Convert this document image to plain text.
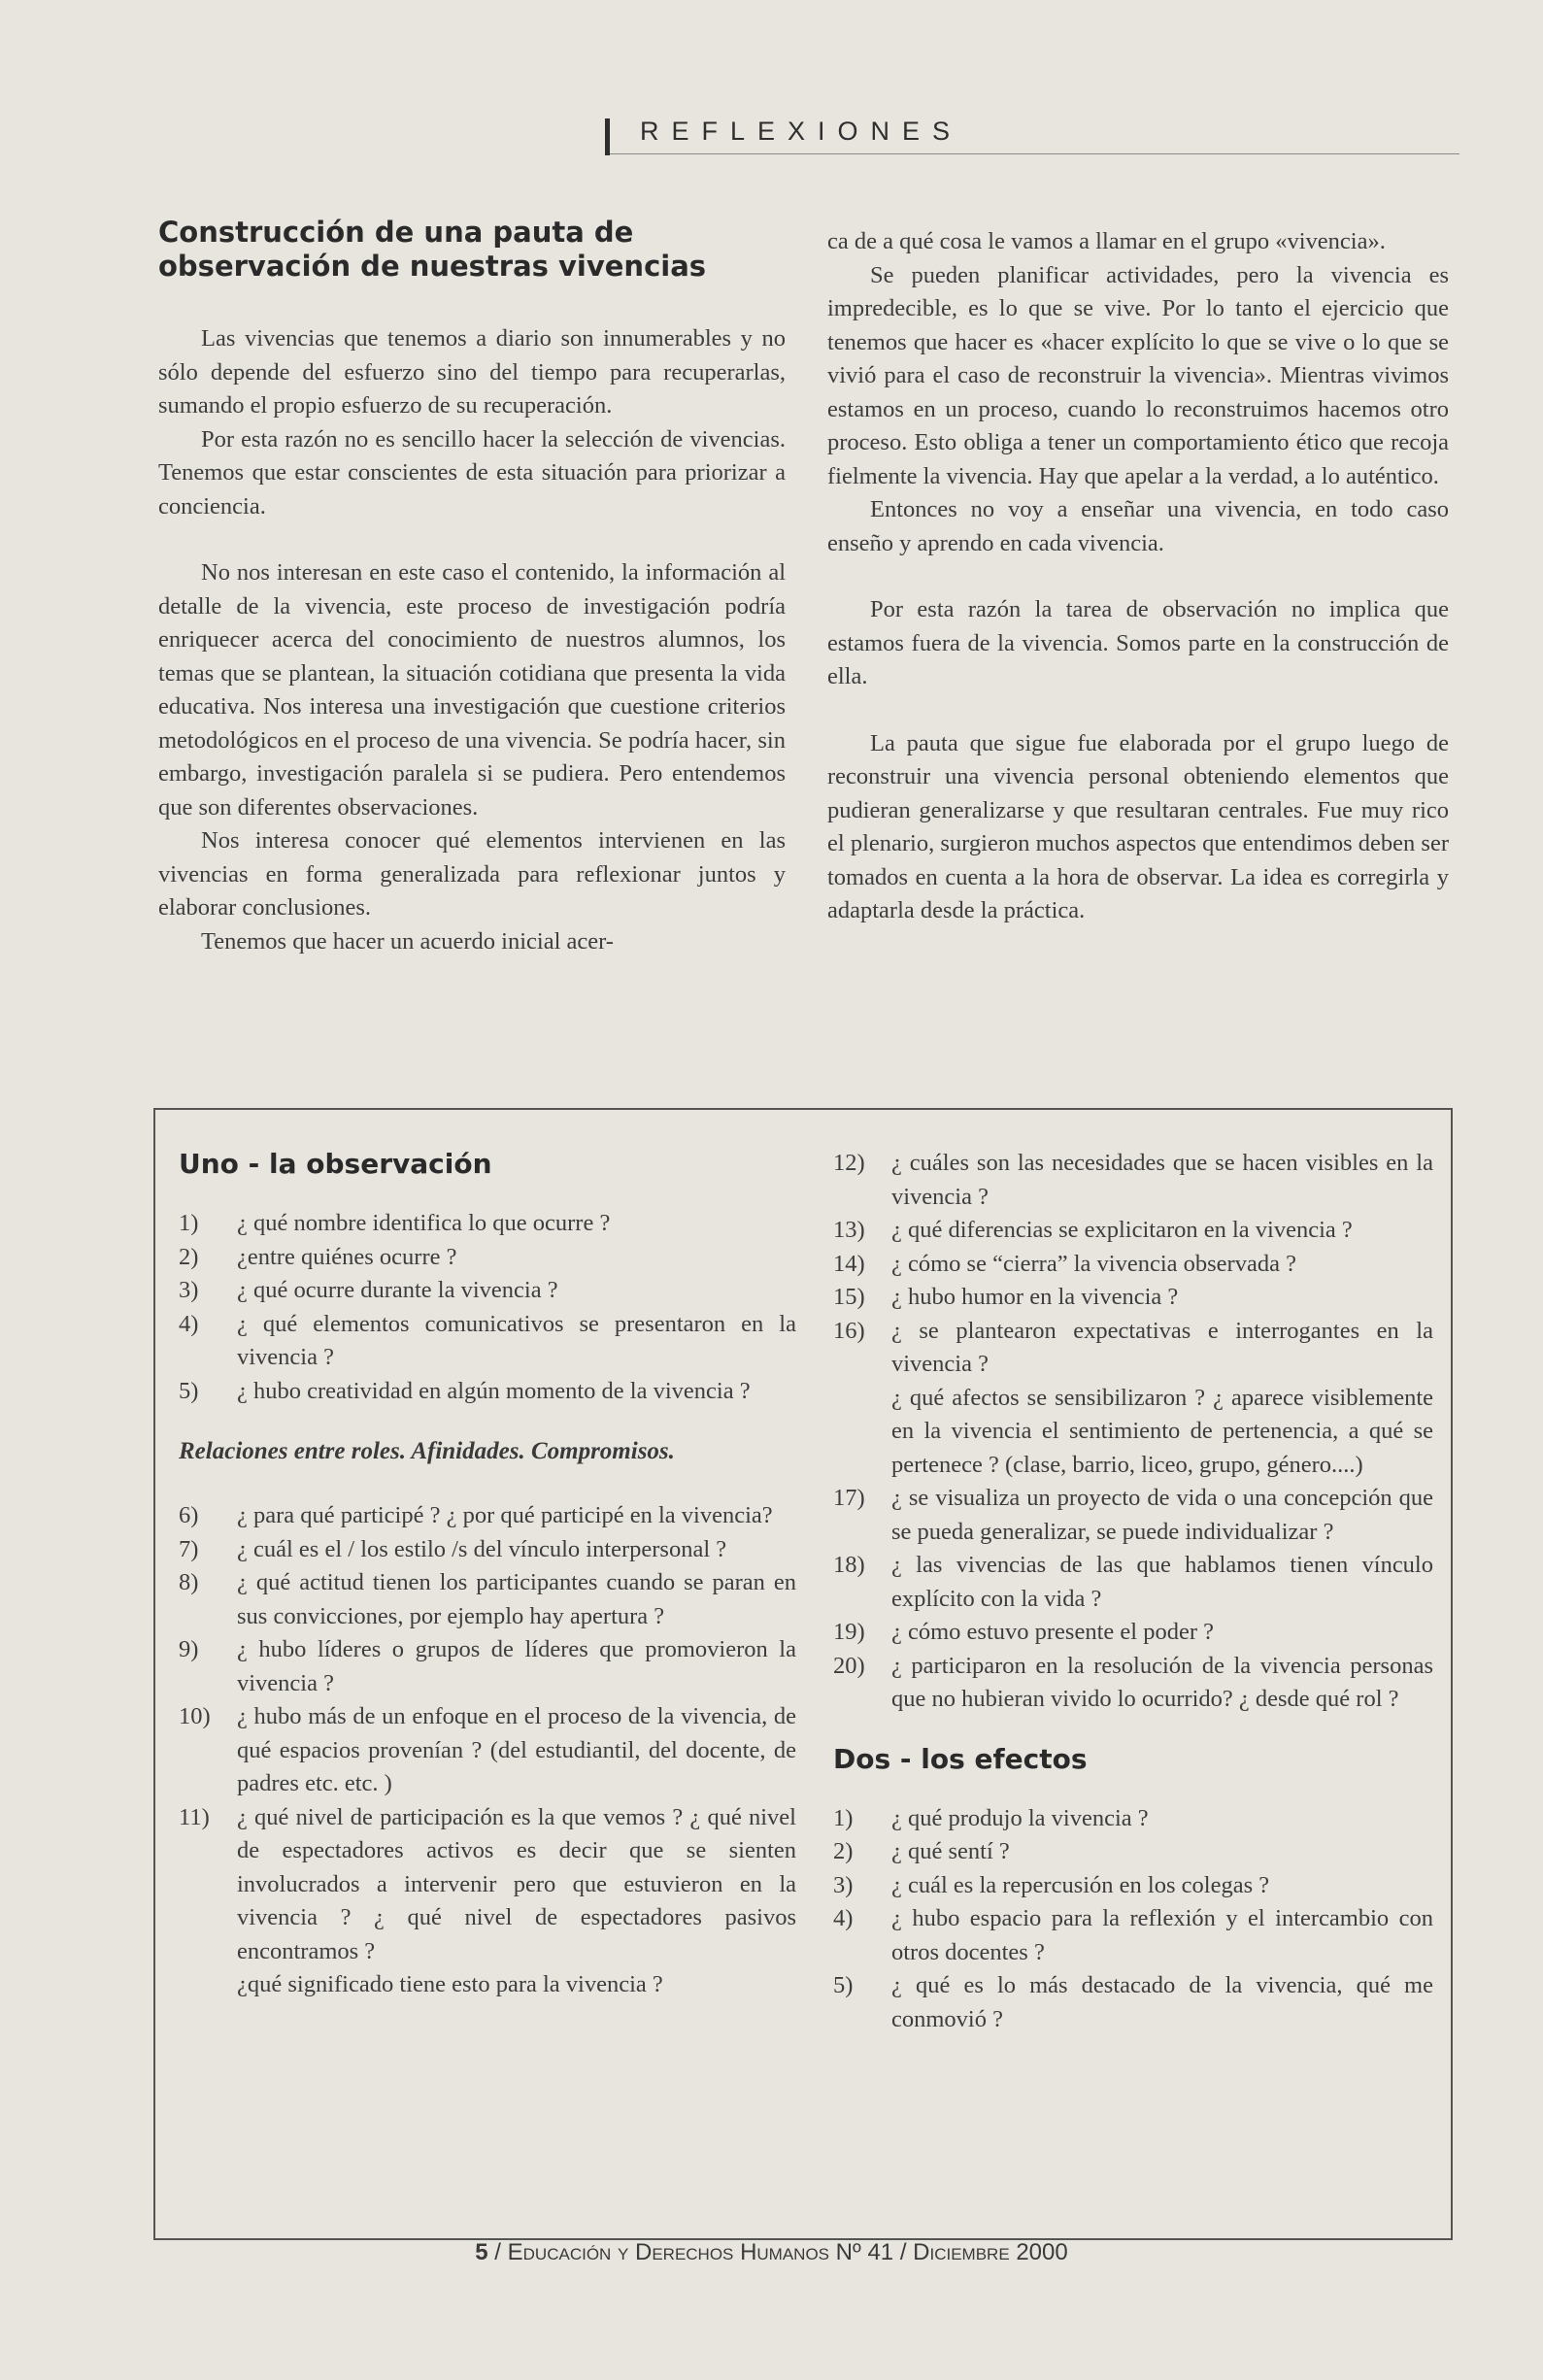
REFLEXIONES
Construcción de una pauta de observación de nuestras vivencias

Las vivencias que tenemos a diario son innumerables y no sólo depende del esfuerzo sino del tiempo para recuperarlas, sumando el propio esfuerzo de su recuperación.

Por esta razón no es sencillo hacer la selección de vivencias. Tenemos que estar conscientes de esta situación para priorizar a conciencia.

No nos interesan en este caso el contenido, la información al detalle de la vivencia, este proceso de investigación podría enriquecer acerca del conocimiento de nuestros alumnos, los temas que se plantean, la situación cotidiana que presenta la vida educativa. Nos interesa una investigación que cuestione criterios metodológicos en el proceso de una vivencia. Se podría hacer, sin embargo, investigación paralela si se pudiera. Pero entendemos que son diferentes observaciones.

Nos interesa conocer qué elementos intervienen en las vivencias en forma generalizada para reflexionar juntos y elaborar conclusiones.

Tenemos que hacer un acuerdo inicial acer-

ca de a qué cosa le vamos a llamar en el grupo «vivencia».

Se pueden planificar actividades, pero la vivencia es impredecible, es lo que se vive. Por lo tanto el ejercicio que tenemos que hacer es «hacer explícito lo que se vive o lo que se vivió para el caso de reconstruir la vivencia». Mientras vivimos estamos en un proceso, cuando lo reconstruimos hacemos otro proceso. Esto obliga a tener un comportamiento ético que recoja fielmente la vivencia. Hay que apelar a la verdad, a lo auténtico.

Entonces no voy a enseñar una vivencia, en todo caso enseño y aprendo en cada vivencia.

Por esta razón la tarea de observación no implica que estamos fuera de la vivencia. Somos parte en la construcción de ella.

La pauta que sigue fue elaborada por el grupo luego de reconstruir una vivencia personal obteniendo elementos que pudieran generalizarse y que resultaran centrales. Fue muy rico el plenario, surgieron muchos aspectos que entendimos deben ser tomados en cuenta a la hora de observar. La idea es corregirla y adaptarla desde la práctica.

Uno - la observación
1)	¿ qué nombre identifica lo que ocurre ?
2)	¿entre quiénes ocurre ?
3)	¿ qué ocurre durante la vivencia ?
4)	¿ qué elementos comunicativos se presentaron en la vivencia ?
5)	¿ hubo creatividad en algún momento de la vivencia ?
Relaciones entre roles. Afinidades. Compromisos.
6)	¿ para qué participé ? ¿ por qué participé en la vivencia?
7)	¿ cuál es el / los estilo /s del vínculo interpersonal ?
8)	¿ qué actitud tienen los participantes cuando se paran en sus convicciones, por ejemplo hay apertura ?
9)	¿ hubo líderes o grupos de líderes que promovieron la vivencia ?
10)	¿ hubo más de un enfoque en el proceso de la vivencia, de qué espacios provenían ? (del estudiantil, del docente, de padres etc. etc. )
11)	¿ qué nivel de participación es la que vemos ? ¿ qué nivel de espectadores activos es decir que se sienten involucrados a intervenir pero que estuvieron en la vivencia ? ¿ qué nivel de espectadores pasivos encontramos ?
¿qué significado tiene esto para la vivencia ?
12)	¿ cuáles son las necesidades que se hacen visibles en la vivencia ?
13)	¿ qué diferencias se explicitaron en la vivencia ?
14)	¿ cómo se “cierra” la vivencia observada ?
15)	¿ hubo humor en la vivencia ?
16)	¿ se plantearon expectativas e interrogantes en la vivencia ?
¿ qué afectos se sensibilizaron ? ¿ aparece visiblemente en la vivencia el sentimiento de pertenencia, a qué se pertenece ? (clase, barrio, liceo, grupo, género....)
17)	¿ se visualiza un proyecto de vida o una concepción que se pueda generalizar, se puede individualizar ?
18)	¿ las vivencias de las que hablamos tienen vínculo explícito con la vida ?
19)	¿ cómo estuvo presente el poder ?
20)	¿ participaron en la resolución de la vivencia personas que no hubieran vivido lo ocurrido? ¿ desde qué rol ?
Dos - los efectos
1)	¿ qué produjo la vivencia ?
2)	¿ qué sentí ?
3)	¿ cuál es la repercusión en los colegas ?
4)	¿ hubo espacio para la reflexión y el intercambio con otros docentes ?
5)	¿ qué es lo más destacado de la vivencia, qué me conmovió ?
5 / Educación y Derechos Humanos Nº 41 / Diciembre 2000
